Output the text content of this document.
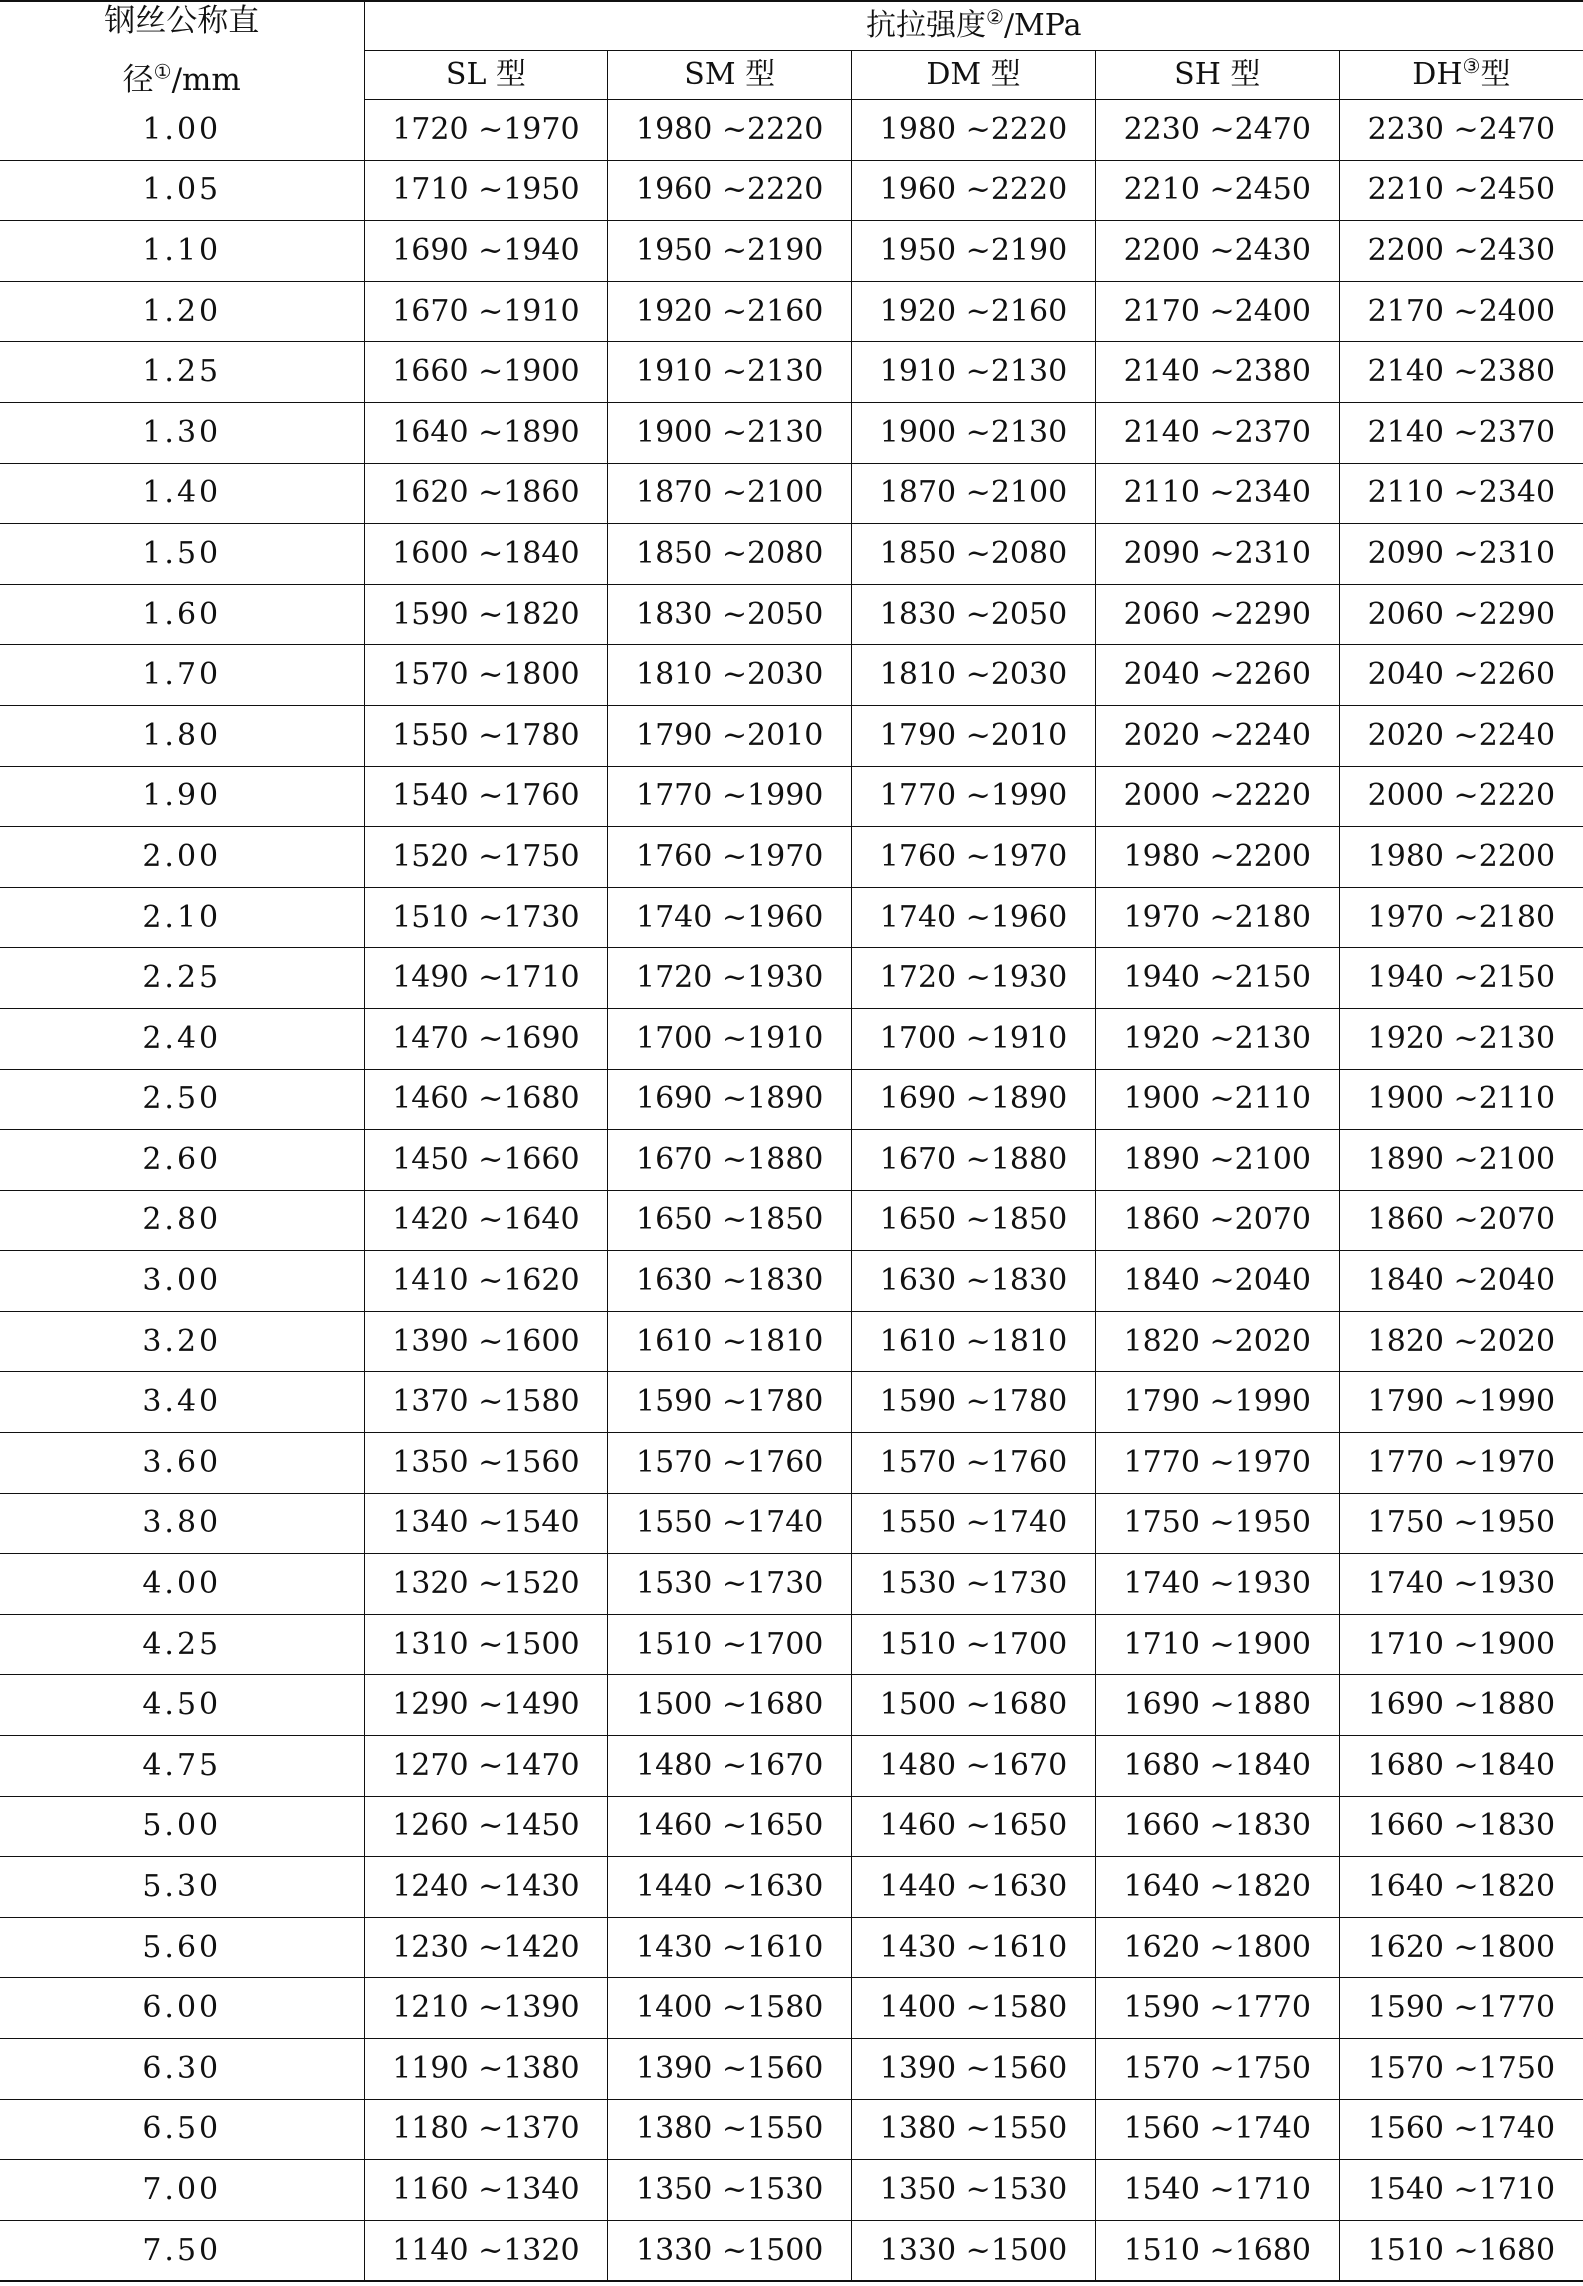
钢丝公称直
径①/mm	抗拉强度②/MPa				
	SL 型	SM 型	DM 型	SH 型	DH③型
1.00	1720 ~1970	1980 ~2220	1980 ~2220	2230 ~2470	2230 ~2470
1.05	1710 ~1950	1960 ~2220	1960 ~2220	2210 ~2450	2210 ~2450
1.10	1690 ~1940	1950 ~2190	1950 ~2190	2200 ~2430	2200 ~2430
1.20	1670 ~1910	1920 ~2160	1920 ~2160	2170 ~2400	2170 ~2400
1.25	1660 ~1900	1910 ~2130	1910 ~2130	2140 ~2380	2140 ~2380
1.30	1640 ~1890	1900 ~2130	1900 ~2130	2140 ~2370	2140 ~2370
1.40	1620 ~1860	1870 ~2100	1870 ~2100	2110 ~2340	2110 ~2340
1.50	1600 ~1840	1850 ~2080	1850 ~2080	2090 ~2310	2090 ~2310
1.60	1590 ~1820	1830 ~2050	1830 ~2050	2060 ~2290	2060 ~2290
1.70	1570 ~1800	1810 ~2030	1810 ~2030	2040 ~2260	2040 ~2260
1.80	1550 ~1780	1790 ~2010	1790 ~2010	2020 ~2240	2020 ~2240
1.90	1540 ~1760	1770 ~1990	1770 ~1990	2000 ~2220	2000 ~2220
2.00	1520 ~1750	1760 ~1970	1760 ~1970	1980 ~2200	1980 ~2200
2.10	1510 ~1730	1740 ~1960	1740 ~1960	1970 ~2180	1970 ~2180
2.25	1490 ~1710	1720 ~1930	1720 ~1930	1940 ~2150	1940 ~2150
2.40	1470 ~1690	1700 ~1910	1700 ~1910	1920 ~2130	1920 ~2130
2.50	1460 ~1680	1690 ~1890	1690 ~1890	1900 ~2110	1900 ~2110
2.60	1450 ~1660	1670 ~1880	1670 ~1880	1890 ~2100	1890 ~2100
2.80	1420 ~1640	1650 ~1850	1650 ~1850	1860 ~2070	1860 ~2070
3.00	1410 ~1620	1630 ~1830	1630 ~1830	1840 ~2040	1840 ~2040
3.20	1390 ~1600	1610 ~1810	1610 ~1810	1820 ~2020	1820 ~2020
3.40	1370 ~1580	1590 ~1780	1590 ~1780	1790 ~1990	1790 ~1990
3.60	1350 ~1560	1570 ~1760	1570 ~1760	1770 ~1970	1770 ~1970
3.80	1340 ~1540	1550 ~1740	1550 ~1740	1750 ~1950	1750 ~1950
4.00	1320 ~1520	1530 ~1730	1530 ~1730	1740 ~1930	1740 ~1930
4.25	1310 ~1500	1510 ~1700	1510 ~1700	1710 ~1900	1710 ~1900
4.50	1290 ~1490	1500 ~1680	1500 ~1680	1690 ~1880	1690 ~1880
4.75	1270 ~1470	1480 ~1670	1480 ~1670	1680 ~1840	1680 ~1840
5.00	1260 ~1450	1460 ~1650	1460 ~1650	1660 ~1830	1660 ~1830
5.30	1240 ~1430	1440 ~1630	1440 ~1630	1640 ~1820	1640 ~1820
5.60	1230 ~1420	1430 ~1610	1430 ~1610	1620 ~1800	1620 ~1800
6.00	1210 ~1390	1400 ~1580	1400 ~1580	1590 ~1770	1590 ~1770
6.30	1190 ~1380	1390 ~1560	1390 ~1560	1570 ~1750	1570 ~1750
6.50	1180 ~1370	1380 ~1550	1380 ~1550	1560 ~1740	1560 ~1740
7.00	1160 ~1340	1350 ~1530	1350 ~1530	1540 ~1710	1540 ~1710
7.50	1140 ~1320	1330 ~1500	1330 ~1500	1510 ~1680	1510 ~1680
